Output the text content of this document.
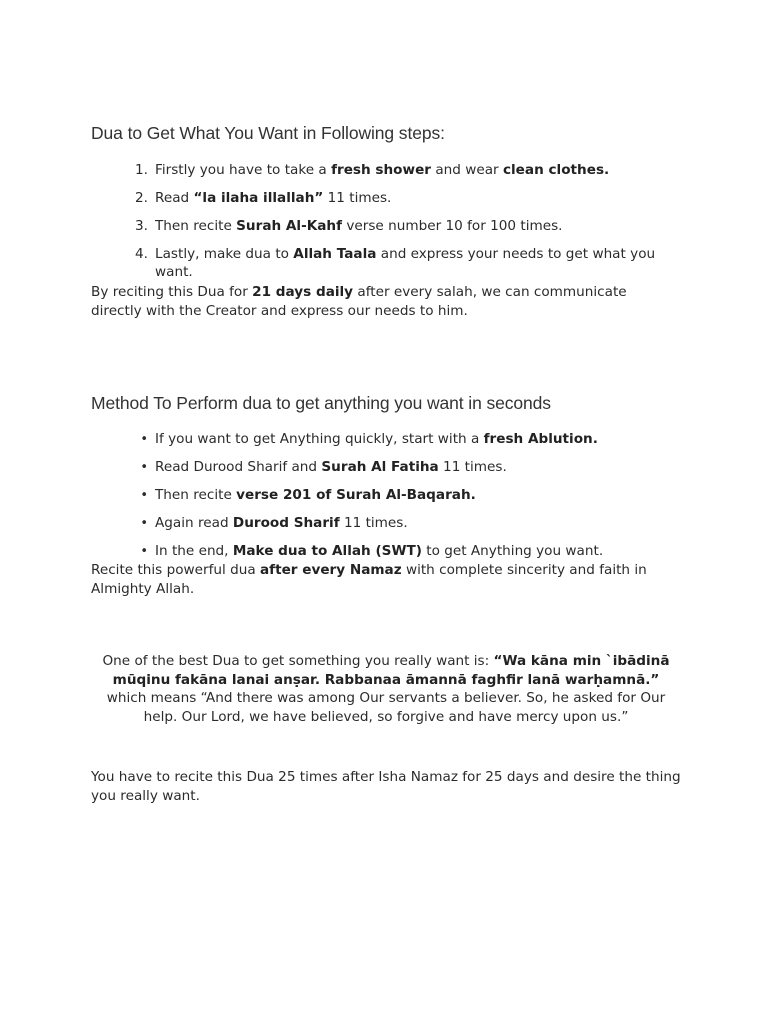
Dua to Get What You Want in Following steps:
1. Firstly you have to take a fresh shower and wear clean clothes.
2. Read “la ilaha illallah” 11 times.
3. Then recite Surah Al-Kahf verse number 10 for 100 times.
4. Lastly, make dua to Allah Taala and express your needs to get what you want.

By reciting this Dua for 21 days daily after every salah, we can communicate directly with the Creator and express our needs to him.

Method To Perform dua to get anything you want in seconds
• If you want to get Anything quickly, start with a fresh Ablution.
• Read Durood Sharif and Surah Al Fatiha 11 times.
• Then recite verse 201 of Surah Al-Baqarah.
• Again read Durood Sharif 11 times.
• In the end, Make dua to Allah (SWT) to get Anything you want.

Recite this powerful dua after every Namaz with complete sincerity and faith in Almighty Allah.

One of the best Dua to get something you really want is: “Wa kāna min `ibādinā mūqinu fakāna lanai anṣar. Rabbanaa āmannā faghfir lanā warḥamnā.” which means “And there was among Our servants a believer. So, he asked for Our help. Our Lord, we have believed, so forgive and have mercy upon us.”

You have to recite this Dua 25 times after Isha Namaz for 25 days and desire the thing you really want.
